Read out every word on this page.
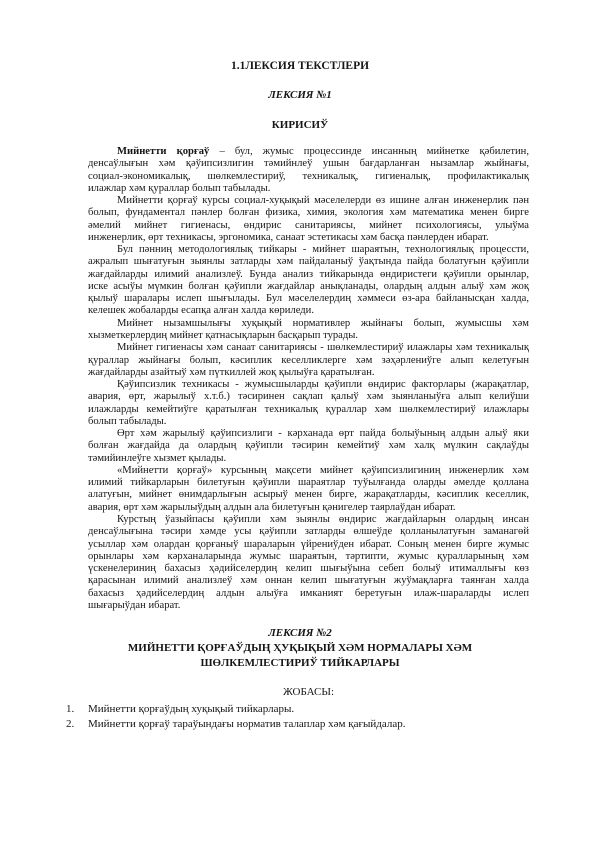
1.1ЛЕКСИЯ ТЕКСТЛЕРИ
ЛЕКСИЯ №1
КИРИСИЎ
Мийнетти қорғаў – бул, жумыс процессинде инсанның мийнетке қәбилетин,
денсаўлығын хәм қәўипсизлигин тәмийнлеў ушын бағдарланған нызамлар жыйнағы,
социал-экономикалық, шөлкемлестириў, техникалық, гигиеналық, профилактикалық
илажлар хәм қураллар болып табылады.
Мийнетти қорғаў курсы социал-хуқықый мәселелерди өз ишине алған инженерлик пән
болып, фундаментал пәнлер болған физика, химия, экология хәм математика менен бирге
әмелий мийнет гигиенасы, өндирис санитариясы, мийнет психологиясы, улыўма
инженерлик, өрт техникасы, эргономика, санаат эстетикасы хәм басқа пәнлерден ибарат.
Бул пәнниң методологиялық тийкары - мийнет шараятын, технологиялық процессти,
ажралып шығатуғын зыянлы затларды хәм пайдаланыў ўақтында пайда болатуғын қәўипли
жағдайларды илимий анализлеў. Бунда анализ тийкарында өндиристеги қәўипли орынлар,
иске асыўы мүмкин болған қәўипли жағдайлар анықланады, олардың алдын алыў хәм жоқ
қылыў шаралары ислеп шығылады. Бул мәселелердиң хәммеси өз-ара байланысқан халда,
келешек жобаларды есапқа алған халда көриледи.
Мийнет нызамшылығы хуқықый нормативлер жыйнағы болып, жумысшы хәм
хызметкерлердиң мийнет қатнасықларын басқарып турады.
Мийнет гигиенасы хәм санаат санитариясы - шөлкемлестириў илажлары хәм техникалық
қураллар жыйнағы болып, кәсиплик кеселликлерге хәм зәҳәрлениўге алып келетуғын
жағдайларды азайтыў хәм пүткиллей жоқ қылыўға қаратылған.
Қәўипсизлик техникасы - жумысшыларды қәўипли өндирис факторлары (жарақатлар,
авария, өрт, жарылыў х.т.б.) тәсиринен сақлап қалыў хәм зыянланыўға алып келиўши
илажларды кемейтиўге қаратылған техникалық қураллар хәм шөлкемлестириў илажлары
болып табылады.
Өрт хәм жарылыў қәўипсизлиги - кәрханада өрт пайда болыўының алдын алыў яки
болған жағдайда да олардың қәўипли тәсирин кемейтиў хәм халқ мүлкин сақлаўды
тәмийинлеўге хызмет қылады.
«Мийнетти қорғаў» курсының мақсети мийнет қәўипсизлигиниң инженерлик хәм
илимий тийкарларын билетуғын қәўипли шараятлар туўылғанда оларды әмелде қоллана
алатуғын, мийнет өнимдарлығын асырыў менен бирге, жарақатларды, кәсиплик кеселлик,
авария, өрт хәм жарылыўдың алдын ала билетуғын қәнигелер таярлаўдан ибарат.
Курстың ўазыйпасы қәўипли хәм зыянлы өндирис жағдайларын олардың инсан
денсаўлығына тәсири хәмде усы қәўипли затларды өлшеўде қолланылатуғын заманагөй
усыллар хәм олардан қорғаныў шараларын үйрениўден ибарат. Соның менен бирге жумыс
орынлары хәм кәрханаларында жумыс шараятын, тәртипти, жумыс қуралларының хәм
үскенелериниң бахасыз ҳәдийселердиң келип шығыўына себеп болыў итималлығы көз
қарасынан илимий анализлеў хәм оннан келип шығатуғын жуўмақларға таянған халда
бахасыз ҳәдийселердиң алдын алыўға имканият беретуғын илаж-шараларды ислеп
шығарыўдан ибарат.
ЛЕКСИЯ №2
МИЙНЕТТИ ҚОРҒАЎДЫҢ ҲУҚЫҚЫЙ ХӘМ НОРМАЛАРЫ ХӘМ
ШӨЛКЕМЛЕСТИРИЎ ТИЙКАРЛАРЫ
ЖОБАСЫ:
1. Мийнетти қорғаўдың хуқықый тийкарлары.
2. Мийнетти қорғаў тараўындағы норматив талаплар хәм қағыйдалар.
